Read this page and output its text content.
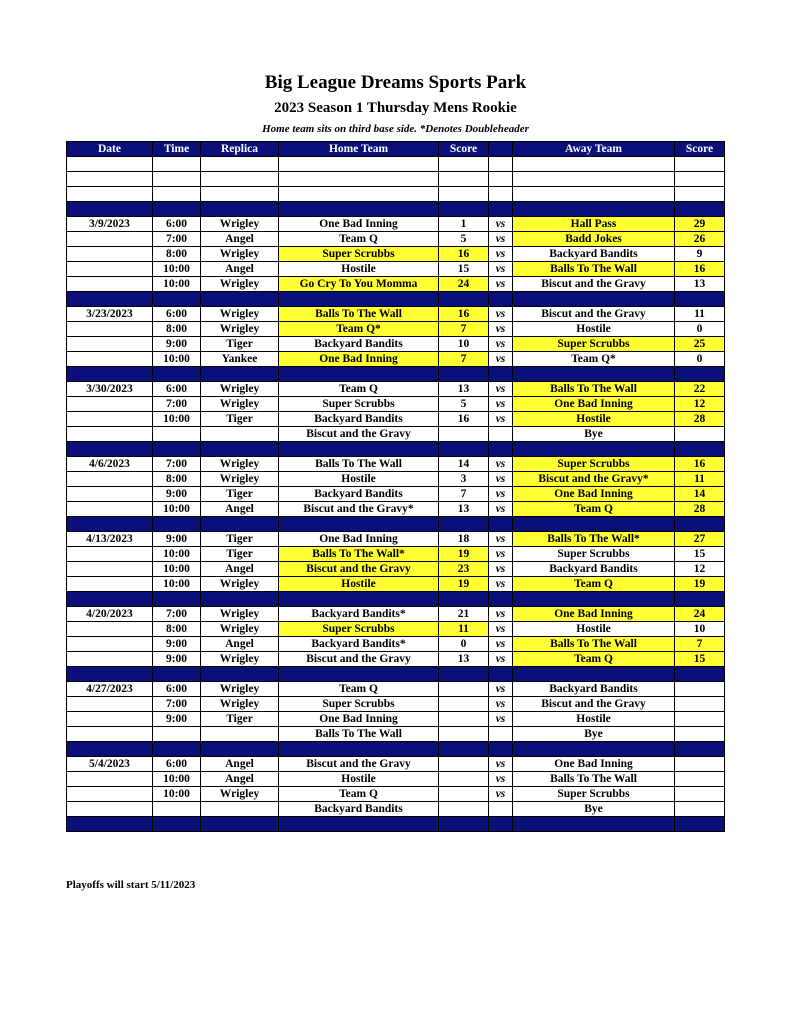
Big League Dreams Sports Park
2023 Season 1 Thursday Mens Rookie
Home team sits on third base side. *Denotes Doubleheader
Date	Time	Replica	Home Team	Score		Away Team	Score

3/9/2023	6:00	Wrigley	One Bad Inning	1	vs	Hall Pass	29
	7:00	Angel	Team Q	5	vs	Badd Jokes	26
	8:00	Wrigley	Super Scrubbs	16	vs	Backyard Bandits	9
	10:00	Angel	Hostile	15	vs	Balls To The Wall	16
	10:00	Wrigley	Go Cry To You Momma	24	vs	Biscut and the Gravy	13

3/23/2023	6:00	Wrigley	Balls To The Wall	16	vs	Biscut and the Gravy	11
	8:00	Wrigley	Team Q*	7	vs	Hostile	0
	9:00	Tiger	Backyard Bandits	10	vs	Super Scrubbs	25
	10:00	Yankee	One Bad Inning	7	vs	Team Q*	0

3/30/2023	6:00	Wrigley	Team Q	13	vs	Balls To The Wall	22
	7:00	Wrigley	Super Scrubbs	5	vs	One Bad Inning	12
	10:00	Tiger	Backyard Bandits	16	vs	Hostile	28
			Biscut and the Gravy			Bye	

4/6/2023	7:00	Wrigley	Balls To The Wall	14	vs	Super Scrubbs	16
	8:00	Wrigley	Hostile	3	vs	Biscut and the Gravy*	11
	9:00	Tiger	Backyard Bandits	7	vs	One Bad Inning	14
	10:00	Angel	Biscut and the Gravy*	13	vs	Team Q	28

4/13/2023	9:00	Tiger	One Bad Inning	18	vs	Balls To The Wall*	27
	10:00	Tiger	Balls To The Wall*	19	vs	Super Scrubbs	15
	10:00	Angel	Biscut and the Gravy	23	vs	Backyard Bandits	12
	10:00	Wrigley	Hostile	19	vs	Team Q	19

4/20/2023	7:00	Wrigley	Backyard Bandits*	21	vs	One Bad Inning	24
	8:00	Wrigley	Super Scrubbs	11	vs	Hostile	10
	9:00	Angel	Backyard Bandits*	0	vs	Balls To The Wall	7
	9:00	Wrigley	Biscut and the Gravy	13	vs	Team Q	15

4/27/2023	6:00	Wrigley	Team Q		vs	Backyard Bandits	
	7:00	Wrigley	Super Scrubbs		vs	Biscut and the Gravy	
	9:00	Tiger	One Bad Inning		vs	Hostile	
			Balls To The Wall			Bye	

5/4/2023	6:00	Angel	Biscut and the Gravy		vs	One Bad Inning	
	10:00	Angel	Hostile		vs	Balls To The Wall	
	10:00	Wrigley	Team Q		vs	Super Scrubbs	
			Backyard Bandits			Bye	

Playoffs will start 5/11/2023
